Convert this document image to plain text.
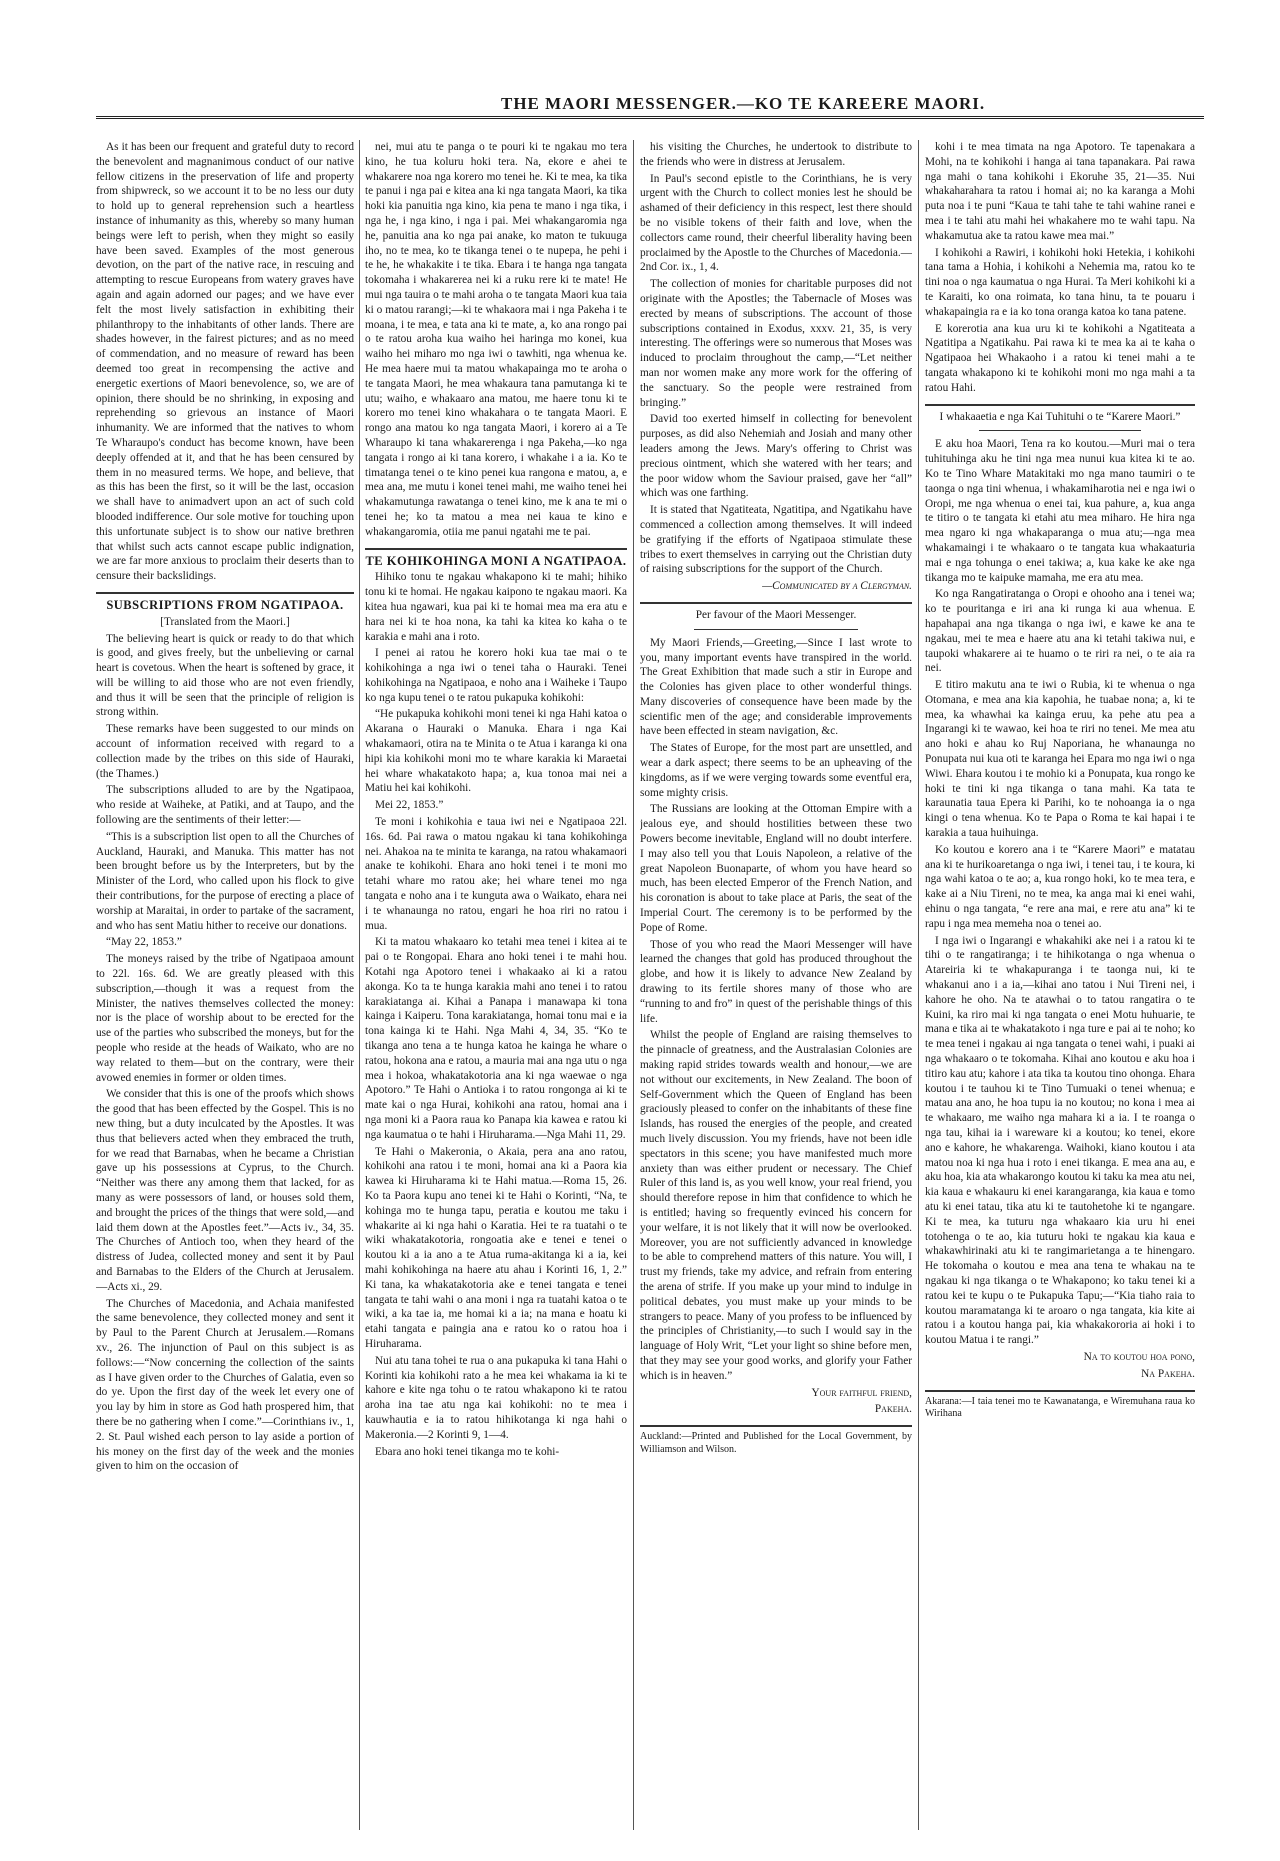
THE MAORI MESSENGER.—KO TE KAREERE MAORI.

As it has been our frequent and grateful duty to record the benevolent and magnanimous conduct of our native fellow citizens in the preservation of life and property from shipwreck, so we account it to be no less our duty to hold up to general reprehension such a heartless instance of inhumanity as this, whereby so many human beings were left to perish, when they might so easily have been saved. Examples of the most generous devotion, on the part of the native race, in rescuing and attempting to rescue Europeans from watery graves have again and again adorned our pages; and we have ever felt the most lively satisfaction in exhibiting their philanthropy to the inhabitants of other lands. There are shades however, in the fairest pictures; and as no meed of commendation, and no measure of reward has been deemed too great in recompensing the active and energetic exertions of Maori benevolence, so, we are of opinion, there should be no shrinking, in exposing and reprehending so grievous an instance of Maori inhumanity. We are informed that the natives to whom Te Wharaupo's conduct has become known, have been deeply offended at it, and that he has been censured by them in no measured terms. We hope, and believe, that as this has been the first, so it will be the last, occasion we shall have to animadvert upon an act of such cold blooded indifference. Our sole motive for touching upon this unfortunate subject is to show our native brethren that whilst such acts cannot escape public indignation, we are far more anxious to proclaim their deserts than to censure their backslidings.

SUBSCRIPTIONS FROM NGATIPAOA.

[Translated from the Maori.]

The believing heart is quick or ready to do that which is good, and gives freely, but the unbelieving or carnal heart is covetous. When the heart is softened by grace, it will be willing to aid those who are not even friendly, and thus it will be seen that the principle of religion is strong within.

These remarks have been suggested to our minds on account of information received with regard to a collection made by the tribes on this side of Hauraki, (the Thames.)

The subscriptions alluded to are by the Ngatipaoa, who reside at Waiheke, at Patiki, and at Taupo, and the following are the sentiments of their letter:—

“This is a subscription list open to all the Churches of Auckland, Hauraki, and Manuka. This matter has not been brought before us by the Interpreters, but by the Minister of the Lord, who called upon his flock to give their contributions, for the purpose of erecting a place of worship at Maraitai, in order to partake of the sacrament, and who has sent Matiu hither to receive our donations.

“May 22, 1853.”

The moneys raised by the tribe of Ngatipaoa amount to 22l. 16s. 6d. We are greatly pleased with this subscription,—though it was a request from the Minister, the natives themselves collected the money: nor is the place of worship about to be erected for the use of the parties who subscribed the moneys, but for the people who reside at the heads of Waikato, who are no way related to them—but on the contrary, were their avowed enemies in former or olden times.

We consider that this is one of the proofs which shows the good that has been effected by the Gospel. This is no new thing, but a duty inculcated by the Apostles. It was thus that believers acted when they embraced the truth, for we read that Barnabas, when he became a Christian gave up his possessions at Cyprus, to the Church. “Neither was there any among them that lacked, for as many as were possessors of land, or houses sold them, and brought the prices of the things that were sold,—and laid them down at the Apostles feet.”—Acts iv., 34, 35. The Churches of Antioch too, when they heard of the distress of Judea, collected money and sent it by Paul and Barnabas to the Elders of the Church at Jerusalem.—Acts xi., 29.

The Churches of Macedonia, and Achaia manifested the same benevolence, they collected money and sent it by Paul to the Parent Church at Jerusalem.—Romans xv., 26. The injunction of Paul on this subject is as follows:—“Now concerning the collection of the saints as I have given order to the Churches of Galatia, even so do ye. Upon the first day of the week let every one of you lay by him in store as God hath prospered him, that there be no gathering when I come.”—Corinthians iv., 1, 2. St. Paul wished each person to lay aside a portion of his money on the first day of the week and the monies given to him on the occasion of

nei, mui atu te panga o te pouri ki te ngakau mo tera kino, he tua koluru hoki tera. Na, ekore e ahei te whakarere noa nga korero mo tenei he. Ki te mea, ka tika te panui i nga pai e kitea ana ki nga tangata Maori, ka tika hoki kia panuitia nga kino, kia pena te mano i nga tika, i nga he, i nga kino, i nga i pai. Mei whakangaromia nga he, panuitia ana ko nga pai anake, ko maton te tukuuga iho, no te mea, ko te tikanga tenei o te nupepa, he pehi i te he, he whakakite i te tika. Ebara i te hanga nga tangata tokomaha i whakarerea nei ki a ruku rere ki te mate! He mui nga tauira o te mahi aroha o te tangata Maori kua taia ki o matou rarangi;—ki te whakaora mai i nga Pakeha i te moana, i te mea, e tata ana ki te mate, a, ko ana rongo pai o te ratou aroha kua waiho hei haringa mo konei, kua waiho hei miharo mo nga iwi o tawhiti, nga whenua ke. He mea haere mui ta matou whakapainga mo te aroha o te tangata Maori, he mea whakaura tana pamutanga ki te utu; waiho, e whakaaro ana matou, me haere tonu ki te korero mo tenei kino whakahara o te tangata Maori. E rongo ana matou ko nga tangata Maori, i korero ai a Te Wharaupo ki tana whakarerenga i nga Pakeha,—ko nga tangata i rongo ai ki tana korero, i whakahe i a ia. Ko te timatanga tenei o te kino penei kua rangona e matou, a, e mea ana, me mutu i konei tenei mahi, me waiho tenei hei whakamutunga rawatanga o tenei kino, me k ana te mi o tenei he; ko ta matou a mea nei kaua te kino e whakangaromia, otiia me panui ngatahi me te pai.

TE KOHIKOHINGA MONI A NGATIPAOA.

Hihiko tonu te ngakau whakapono ki te mahi; hihiko tonu ki te homai. He ngakau kaipono te ngakau maori. Ka kitea hua ngawari, kua pai ki te homai mea ma era atu e hara nei ki te hoa nona, ka tahi ka kitea ko kaha o te karakia e mahi ana i roto.

I penei ai ratou he korero hoki kua tae mai o te kohikohinga a nga iwi o tenei taha o Hauraki. Tenei kohikohinga na Ngatipaoa, e noho ana i Waiheke i Taupo ko nga kupu tenei o te ratou pukapuka kohikohi:

“He pukapuka kohikohi moni tenei ki nga Hahi katoa o Akarana o Hauraki o Manuka. Ehara i nga Kai whakamaori, otira na te Minita o te Atua i karanga ki ona hipi kia kohikohi moni mo te whare karakia ki Maraetai hei whare whakatakoto hapa; a, kua tonoa mai nei a Matiu hei kai kohikohi.

Mei 22, 1853.”

Te moni i kohikohia e taua iwi nei e Ngatipaoa 22l. 16s. 6d. Pai rawa o matou ngakau ki tana kohikohinga nei. Ahakoa na te minita te karanga, na ratou whakamaori anake te kohikohi. Ehara ano hoki tenei i te moni mo tetahi whare mo ratou ake; hei whare tenei mo nga tangata e noho ana i te kunguta awa o Waikato, ehara nei i te whanaunga no ratou, engari he hoa riri no ratou i mua.

Ki ta matou whakaaro ko tetahi mea tenei i kitea ai te pai o te Rongopai. Ehara ano hoki tenei i te mahi hou. Kotahi nga Apotoro tenei i whakaako ai ki a ratou akonga. Ko ta te hunga karakia mahi ano tenei i to ratou karakiatanga ai. Kihai a Panapa i manawapa ki tona kainga i Kaiperu. Tona karakiatanga, homai tonu mai e ia tona kainga ki te Hahi. Nga Mahi 4, 34, 35. “Ko te tikanga ano tena a te hunga katoa he kainga he whare o ratou, hokona ana e ratou, a mauria mai ana nga utu o nga mea i hokoa, whakatakotoria ana ki nga waewae o nga Apotoro.” Te Hahi o Antioka i to ratou rongonga ai ki te mate kai o nga Hurai, kohikohi ana ratou, homai ana i nga moni ki a Paora raua ko Panapa kia kawea e ratou ki nga kaumatua o te hahi i Hiruharama.—Nga Mahi 11, 29.

Te Hahi o Makeronia, o Akaia, pera ana ano ratou, kohikohi ana ratou i te moni, homai ana ki a Paora kia kawea ki Hiruharama ki te Hahi matua.—Roma 15, 26. Ko ta Paora kupu ano tenei ki te Hahi o Korinti, “Na, te kohinga mo te hunga tapu, peratia e koutou me taku i whakarite ai ki nga hahi o Karatia. Hei te ra tuatahi o te wiki whakatakotoria, rongoatia ake e tenei e tenei o koutou ki a ia ano a te Atua ruma-akitanga ki a ia, kei mahi kohikohinga na haere atu ahau i Korinti 16, 1, 2.” Ki tana, ka whakatakotoria ake e tenei tangata e tenei tangata te tahi wahi o ana moni i nga ra tuatahi katoa o te wiki, a ka tae ia, me homai ki a ia; na mana e hoatu ki etahi tangata e paingia ana e ratou ko o ratou hoa i Hiruharama.

Nui atu tana tohei te rua o ana pukapuka ki tana Hahi o Korinti kia kohikohi rato a he mea kei whakama ia ki te kahore e kite nga tohu o te ratou whakapono ki te ratou aroha ina tae atu nga kai kohikohi: no te mea i kauwhautia e ia to ratou hihikotanga ki nga hahi o Makeronia.—2 Korinti 9, 1—4.

Ebara ano hoki tenei tikanga mo te kohi-

his visiting the Churches, he undertook to distribute to the friends who were in distress at Jerusalem.

In Paul's second epistle to the Corinthians, he is very urgent with the Church to collect monies lest he should be ashamed of their deficiency in this respect, lest there should be no visible tokens of their faith and love, when the collectors came round, their cheerful liberality having been proclaimed by the Apostle to the Churches of Macedonia.—2nd Cor. ix., 1, 4.

The collection of monies for charitable purposes did not originate with the Apostles; the Tabernacle of Moses was erected by means of subscriptions. The account of those subscriptions contained in Exodus, xxxv. 21, 35, is very interesting. The offerings were so numerous that Moses was induced to proclaim throughout the camp,—“Let neither man nor women make any more work for the offering of the sanctuary. So the people were restrained from bringing.”

David too exerted himself in collecting for benevolent purposes, as did also Nehemiah and Josiah and many other leaders among the Jews. Mary's offering to Christ was precious ointment, which she watered with her tears; and the poor widow whom the Saviour praised, gave her “all” which was one farthing.

It is stated that Ngatiteata, Ngatitipa, and Ngatikahu have commenced a collection among themselves. It will indeed be gratifying if the efforts of Ngatipaoa stimulate these tribes to exert themselves in carrying out the Christian duty of raising subscriptions for the support of the Church.

—Communicated by a Clergyman.

Per favour of the Maori Messenger.

My Maori Friends,—Greeting,—Since I last wrote to you, many important events have transpired in the world. The Great Exhibition that made such a stir in Europe and the Colonies has given place to other wonderful things. Many discoveries of consequence have been made by the scientific men of the age; and considerable improvements have been effected in steam navigation, &c.

The States of Europe, for the most part are unsettled, and wear a dark aspect; there seems to be an upheaving of the kingdoms, as if we were verging towards some eventful era, some mighty crisis.

The Russians are looking at the Ottoman Empire with a jealous eye, and should hostilities between these two Powers become inevitable, England will no doubt interfere. I may also tell you that Louis Napoleon, a relative of the great Napoleon Buonaparte, of whom you have heard so much, has been elected Emperor of the French Nation, and his coronation is about to take place at Paris, the seat of the Imperial Court. The ceremony is to be performed by the Pope of Rome.

Those of you who read the Maori Messenger will have learned the changes that gold has produced throughout the globe, and how it is likely to advance New Zealand by drawing to its fertile shores many of those who are “running to and fro” in quest of the perishable things of this life.

Whilst the people of England are raising themselves to the pinnacle of greatness, and the Australasian Colonies are making rapid strides towards wealth and honour,—we are not without our excitements, in New Zealand. The boon of Self-Government which the Queen of England has been graciously pleased to confer on the inhabitants of these fine Islands, has roused the energies of the people, and created much lively discussion. You my friends, have not been idle spectators in this scene; you have manifested much more anxiety than was either prudent or necessary. The Chief Ruler of this land is, as you well know, your real friend, you should therefore repose in him that confidence to which he is entitled; having so frequently evinced his concern for your welfare, it is not likely that it will now be overlooked. Moreover, you are not sufficiently advanced in knowledge to be able to comprehend matters of this nature. You will, I trust my friends, take my advice, and refrain from entering the arena of strife. If you make up your mind to indulge in political debates, you must make up your minds to be strangers to peace. Many of you profess to be influenced by the principles of Christianity,—to such I would say in the language of Holy Writ, “Let your light so shine before men, that they may see your good works, and glorify your Father which is in heaven.”

Your faithful friend,

Pakeha.

Auckland:—Printed and Published for the Local Government, by Williamson and Wilson.

kohi i te mea timata na nga Apotoro. Te tapenakara a Mohi, na te kohikohi i hanga ai tana tapanakara. Pai rawa nga mahi o tana kohikohi i Ekoruhe 35, 21—35. Nui whakaharahara ta ratou i homai ai; no ka karanga a Mohi puta noa i te puni “Kaua te tahi tahe te tahi wahine ranei e mea i te tahi atu mahi hei whakahere mo te wahi tapu. Na whakamutua ake ta ratou kawe mea mai.”

I kohikohi a Rawiri, i kohikohi hoki Hetekia, i kohikohi tana tama a Hohia, i kohikohi a Nehemia ma, ratou ko te tini noa o nga kaumatua o nga Hurai. Ta Meri kohikohi ki a te Karaiti, ko ona roimata, ko tana hinu, ta te pouaru i whakapaingia ra e ia ko tona oranga katoa ko tana patene.

E korerotia ana kua uru ki te kohikohi a Ngatiteata a Ngatitipa a Ngatikahu. Pai rawa ki te mea ka ai te kaha o Ngatipaoa hei Whakaoho i a ratou ki tenei mahi a te tangata whakapono ki te kohikohi moni mo nga mahi a ta ratou Hahi.

I whakaaetia e nga Kai Tuhituhi o te “Karere Maori.”

E aku hoa Maori, Tena ra ko koutou.—Muri mai o tera tuhituhinga aku he tini nga mea nunui kua kitea ki te ao. Ko te Tino Whare Matakitaki mo nga mano taumiri o te taonga o nga tini whenua, i whakamiharotia nei e nga iwi o Oropi, me nga whenua o enei tai, kua pahure, a, kua anga te titiro o te tangata ki etahi atu mea miharo. He hira nga mea ngaro ki nga whakaparanga o mua atu;—nga mea whakamaingi i te whakaaro o te tangata kua whakaaturia mai e nga tohunga o enei takiwa; a, kua kake ke ake nga tikanga mo te kaipuke mamaha, me era atu mea.

Ko nga Rangatiratanga o Oropi e ohooho ana i tenei wa; ko te pouritanga e iri ana ki runga ki aua whenua. E hapahapai ana nga tikanga o nga iwi, e kawe ke ana te ngakau, mei te mea e haere atu ana ki tetahi takiwa nui, e taupoki whakarere ai te huamo o te riri ra nei, o te aia ra nei.

E titiro makutu ana te iwi o Rubia, ki te whenua o nga Otomana, e mea ana kia kapohia, he tuabae nona; a, ki te mea, ka whawhai ka kainga eruu, ka pehe atu pea a Ingarangi ki te wawao, kei hoa te riri no tenei. Me mea atu ano hoki e ahau ko Ruj Naporiana, he whanaunga no Ponupata nui kua oti te karanga hei Epara mo nga iwi o nga Wiwi. Ehara koutou i te mohio ki a Ponupata, kua rongo ke hoki te tini ki nga tikanga o tana mahi. Ka tata te karaunatia taua Epera ki Parihi, ko te nohoanga ia o nga kingi o tena whenua. Ko te Papa o Roma te kai hapai i te karakia a taua huihuinga.

Ko koutou e korero ana i te “Karere Maori” e matatau ana ki te hurikoaretanga o nga iwi, i tenei tau, i te koura, ki nga wahi katoa o te ao; a, kua rongo hoki, ko te mea tera, e kake ai a Niu Tireni, no te mea, ka anga mai ki enei wahi, ehinu o nga tangata, “e rere ana mai, e rere atu ana” ki te rapu i nga mea memeha noa o tenei ao.

I nga iwi o Ingarangi e whakahiki ake nei i a ratou ki te tihi o te rangatiranga; i te hihikotanga o nga whenua o Atareiria ki te whakapuranga i te taonga nui, ki te whakanui ano i a ia,—kihai ano tatou i Nui Tireni nei, i kahore he oho. Na te atawhai o to tatou rangatira o te Kuini, ka riro mai ki nga tangata o enei Motu huhuarie, te mana e tika ai te whakatakoto i nga ture e pai ai te noho; ko te mea tenei i ngakau ai nga tangata o tenei wahi, i puaki ai nga whakaaro o te tokomaha. Kihai ano koutou e aku hoa i titiro kau atu; kahore i ata tika ta koutou tino ohonga. Ehara koutou i te tauhou ki te Tino Tumuaki o tenei whenua; e matau ana ano, he hoa tupu ia no koutou; no kona i mea ai te whakaaro, me waiho nga mahara ki a ia. I te roanga o nga tau, kihai ia i wareware ki a koutou; ko tenei, ekore ano e kahore, he whakarenga. Waihoki, kiano koutou i ata matou noa ki nga hua i roto i enei tikanga. E mea ana au, e aku hoa, kia ata whakarongo koutou ki taku ka mea atu nei, kia kaua e whakauru ki enei karangaranga, kia kaua e tomo atu ki enei tatau, tika atu ki te tautohetohe ki te ngangare. Ki te mea, ka tuturu nga whakaaro kia uru hi enei totohenga o te ao, kia tuturu hoki te ngakau kia kaua e whakawhirinaki atu ki te rangimarietanga a te hinengaro. He tokomaha o koutou e mea ana tena te whakau na te ngakau ki nga tikanga o te Whakapono; ko taku tenei ki a ratou kei te kupu o te Pukapuka Tapu;—“Kia tiaho raia to koutou maramatanga ki te aroaro o nga tangata, kia kite ai ratou i a koutou hanga pai, kia whakakororia ai hoki i to koutou Matua i te rangi.”

Na to koutou hoa pono,

Na Pakeha.

Akarana:—I taia tenei mo te Kawanatanga, e Wiremuhana raua ko Wirihana
